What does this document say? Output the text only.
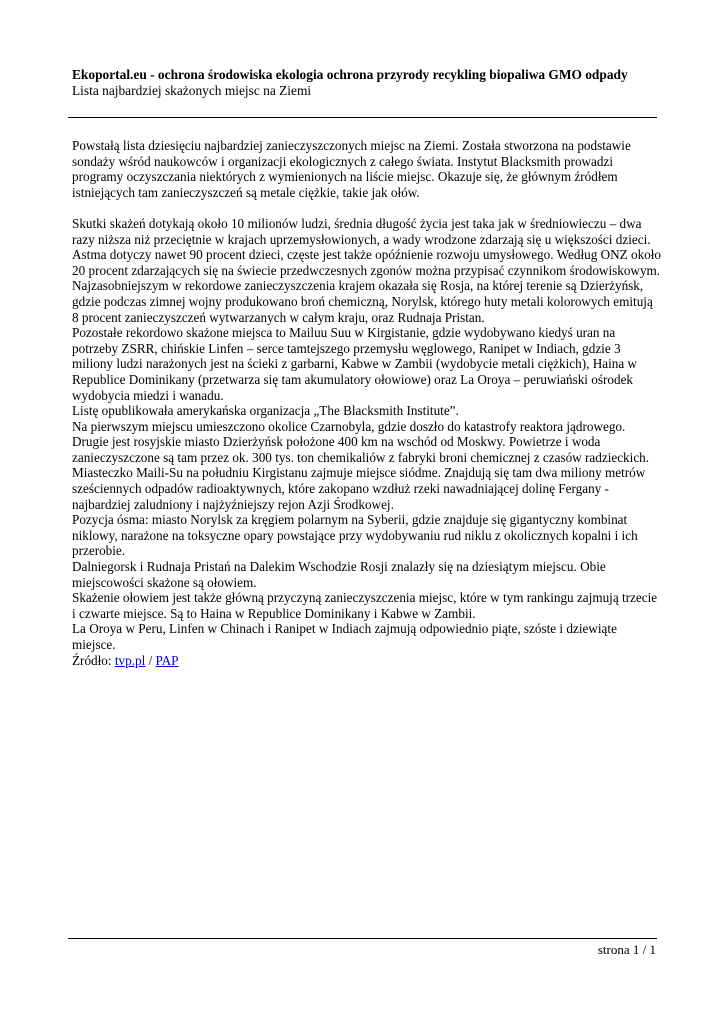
Ekoportal.eu - ochrona środowiska ekologia ochrona przyrody recykling biopaliwa GMO odpady

Lista najbardziej skażonych miejsc na Ziemi

Powstałą lista dziesięciu najbardziej zanieczyszczonych miejsc na Ziemi. Została stworzona na podstawie sondaży wśród naukowców i organizacji ekologicznych z całego świata. Instytut Blacksmith prowadzi programy oczyszczania niektórych z wymienionych na liście miejsc. Okazuje się, że głównym źródłem istniejących tam zanieczyszczeń są metale ciężkie, takie jak ołów.

Skutki skażeń dotykają około 10 milionów ludzi, średnia długość życia jest taka jak w średniowieczu – dwa razy niższa niż przeciętnie w krajach uprzemysłowionych, a wady wrodzone zdarzają się u większości dzieci. Astma dotyczy nawet 90 procent dzieci, częste jest także opóźnienie rozwoju umysłowego. Według ONZ około 20 procent zdarzających się na świecie przedwczesnych zgonów można przypisać czynnikom środowiskowym.

Najzasobniejszym w rekordowe zanieczyszczenia krajem okazała się Rosja, na której terenie są Dzierżyńsk, gdzie podczas zimnej wojny produkowano broń chemiczną, Norylsk, którego huty metali kolorowych emitują 8 procent zanieczyszczeń wytwarzanych w całym kraju, oraz Rudnaja Pristan.

Pozostałe rekordowo skażone miejsca to Mailuu Suu w Kirgistanie, gdzie wydobywano kiedyś uran na potrzeby ZSRR, chińskie Linfen – serce tamtejszego przemysłu węglowego, Ranipet w Indiach, gdzie 3 miliony ludzi narażonych jest na ścieki z garbarni, Kabwe w Zambii (wydobycie metali ciężkich), Haina w Republice Dominikany (przetwarza się tam akumulatory ołowiowe) oraz La Oroya – peruwiański ośrodek wydobycia miedzi i wanadu.

Listę opublikowała amerykańska organizacja „The Blacksmith Institute”.

Na pierwszym miejscu umieszczono okolice Czarnobyla, gdzie doszło do katastrofy reaktora jądrowego.

Drugie jest rosyjskie miasto Dzierżyńsk położone 400 km na wschód od Moskwy. Powietrze i woda zanieczyszczone są tam przez ok. 300 tys. ton chemikaliów z fabryki broni chemicznej z czasów radzieckich.

Miasteczko Maili-Su na południu Kirgistanu zajmuje miejsce siódme. Znajdują się tam dwa miliony metrów sześciennych odpadów radioaktywnych, które zakopano wzdłuż rzeki nawadniającej dolinę Fergany - najbardziej zaludniony i najżyźniejszy rejon Azji Środkowej.

Pozycja ósma: miasto Norylsk za kręgiem polarnym na Syberii, gdzie znajduje się gigantyczny kombinat niklowy, narażone na toksyczne opary powstające przy wydobywaniu rud niklu z okolicznych kopalni i ich przerobie.

Dalniegorsk i Rudnaja Pristań na Dalekim Wschodzie Rosji znalazły się na dziesiątym miejscu. Obie miejscowości skażone są ołowiem.

Skażenie ołowiem jest także główną przyczyną zanieczyszczenia miejsc, które w tym rankingu zajmują trzecie i czwarte miejsce. Są to Haina w Republice Dominikany i Kabwe w Zambii.

La Oroya w Peru, Linfen w Chinach i Ranipet w Indiach zajmują odpowiednio piąte, szóste i dziewiąte miejsce.

Źródło: tvp.pl / PAP

strona 1 / 1
